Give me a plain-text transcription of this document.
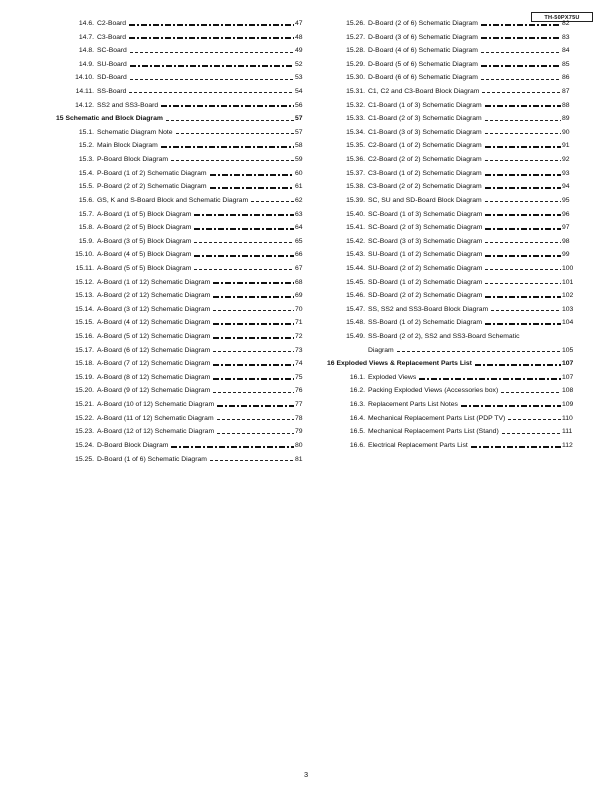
TH-50PX75U
14.6. C2-Board	47
14.7. C3-Board	48
14.8. SC-Board	49
14.9. SU-Board	52
14.10. SD-Board	53
14.11. SS-Board	54
14.12. SS2 and SS3-Board	56
15 Schematic and Block Diagram	57
15.1. Schematic Diagram Note	57
15.2. Main Block Diagram	58
15.3. P-Board Block Diagram	59
15.4. P-Board (1 of 2) Schematic Diagram	60
15.5. P-Board (2 of 2) Schematic Diagram	61
15.6. GS, K and S-Board Block and Schematic Diagram	62
15.7. A-Board (1 of 5) Block Diagram	63
15.8. A-Board (2 of 5) Block Diagram	64
15.9. A-Board (3 of 5) Block Diagram	65
15.10. A-Board (4 of 5) Block Diagram	66
15.11. A-Board (5 of 5) Block Diagram	67
15.12. A-Board (1 of 12) Schematic Diagram	68
15.13. A-Board (2 of 12) Schematic Diagram	69
15.14. A-Board (3 of 12) Schematic Diagram	70
15.15. A-Board (4 of 12) Schematic Diagram	71
15.16. A-Board (5 of 12) Schematic Diagram	72
15.17. A-Board (6 of 12) Schematic Diagram	73
15.18. A-Board (7 of 12) Schematic Diagram	74
15.19. A-Board (8 of 12) Schematic Diagram	75
15.20. A-Board (9 of 12) Schematic Diagram	76
15.21. A-Board (10 of 12) Schematic Diagram	77
15.22. A-Board (11 of 12) Schematic Diagram	78
15.23. A-Board (12 of 12) Schematic Diagram	79
15.24. D-Board Block Diagram	80
15.25. D-Board (1 of 6) Schematic Diagram	81
15.26. D-Board (2 of 6) Schematic Diagram	82
15.27. D-Board (3 of 6) Schematic Diagram	83
15.28. D-Board (4 of 6) Schematic Diagram	84
15.29. D-Board (5 of 6) Schematic Diagram	85
15.30. D-Board (6 of 6) Schematic Diagram	86
15.31. C1, C2 and C3-Board Block Diagram	87
15.32. C1-Board (1 of 3) Schematic Diagram	88
15.33. C1-Board (2 of 3) Schematic Diagram	89
15.34. C1-Board (3 of 3) Schematic Diagram	90
15.35. C2-Board (1 of 2) Schematic Diagram	91
15.36. C2-Board (2 of 2) Schematic Diagram	92
15.37. C3-Board (1 of 2) Schematic Diagram	93
15.38. C3-Board (2 of 2) Schematic Diagram	94
15.39. SC, SU and SD-Board Block Diagram	95
15.40. SC-Board (1 of 3) Schematic Diagram	96
15.41. SC-Board (2 of 3) Schematic Diagram	97
15.42. SC-Board (3 of 3) Schematic Diagram	98
15.43. SU-Board (1 of 2) Schematic Diagram	99
15.44. SU-Board (2 of 2) Schematic Diagram	100
15.45. SD-Board (1 of 2) Schematic Diagram	101
15.46. SD-Board (2 of 2) Schematic Diagram	102
15.47. SS, SS2 and SS3-Board Block Diagram	103
15.48. SS-Board (1 of 2) Schematic Diagram	104
15.49. SS-Board (2 of 2), SS2 and SS3-Board Schematic
Diagram	105
16 Exploded Views & Replacement Parts List	107
16.1. Exploded Views	107
16.2. Packing Exploded Views (Accessories box)	108
16.3. Replacement Parts List Notes	109
16.4. Mechanical Replacement Parts List (PDP TV)	110
16.5. Mechanical Replacement Parts List (Stand)	111
16.6. Electrical Replacement Parts List	112
3
